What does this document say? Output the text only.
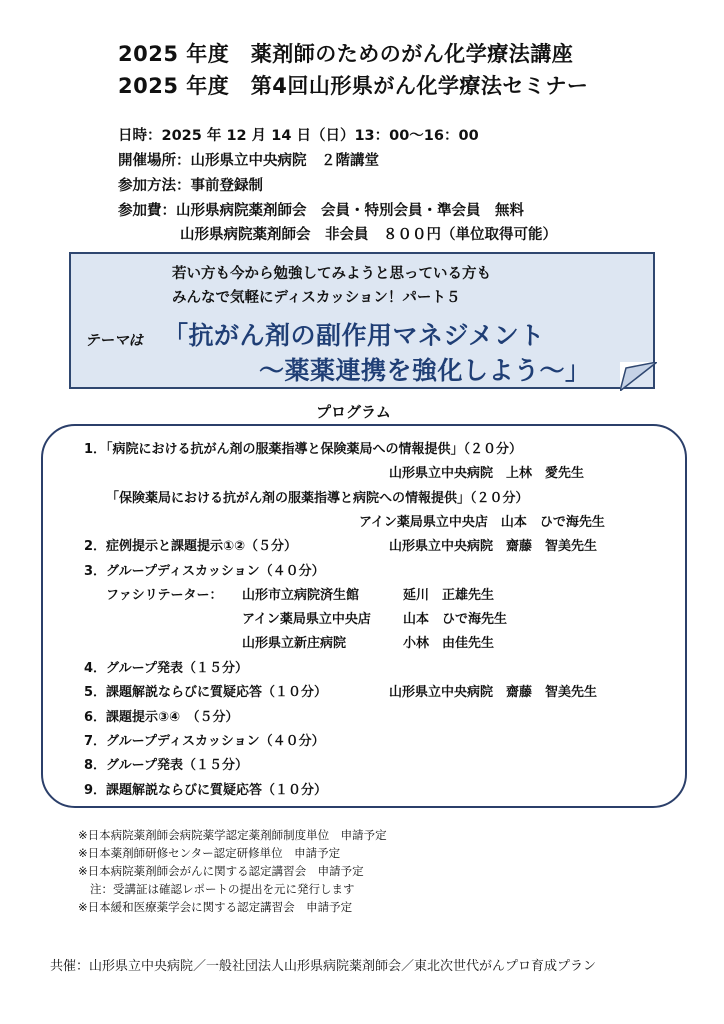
2025 年度　薬剤師のためのがん化学療法講座
2025 年度　第4回山形県がん化学療法セミナー
日時：2025 年 12 月 14 日（日）13：00～16：00
開催場所：山形県立中央病院　２階講堂
参加方法：事前登録制
参加費：山形県病院薬剤師会　会員・特別会員・準会員　無料
山形県病院薬剤師会　非会員　８００円（単位取得可能）
若い方も今から勉強してみようと思っている方も
みんなで気軽にディスカッション！パート５
テーマは 「抗がん剤の副作用マネジメント
～薬薬連携を強化しよう～」
プログラム
1．「病院における抗がん剤の服薬指導と保険薬局への情報提供」（２０分）
山形県立中央病院　上林　愛先生
「保険薬局における抗がん剤の服薬指導と病院への情報提供」（２０分）
アイン薬局県立中央店　山本　ひで海先生
2．症例提示と課題提示①②（５分）	山形県立中央病院　齋藤　智美先生
3．グループディスカッション（４０分）
ファシリテーター： 山形市立病院済生館	延川　正雄先生
アイン薬局県立中央店 山本　ひで海先生
山形県立新庄病院	小林　由佳先生
4．グループ発表（１５分）
5．課題解説ならびに質疑応答（１０分）	山形県立中央病院　齋藤　智美先生
6．課題提示③④　（５分）
7．グループディスカッション（４０分）
8．グループ発表（１５分）
9．課題解説ならびに質疑応答（１０分）
※日本病院薬剤師会病院薬学認定薬剤師制度単位　申請予定
※日本薬剤師研修センター認定研修単位　申請予定
※日本病院薬剤師会がんに関する認定講習会　申請予定
注：受講証は確認レポートの提出を元に発行します
※日本緩和医療薬学会に関する認定講習会　申請予定
共催：山形県立中央病院／一般社団法人山形県病院薬剤師会／東北次世代がんプロ育成プラン
